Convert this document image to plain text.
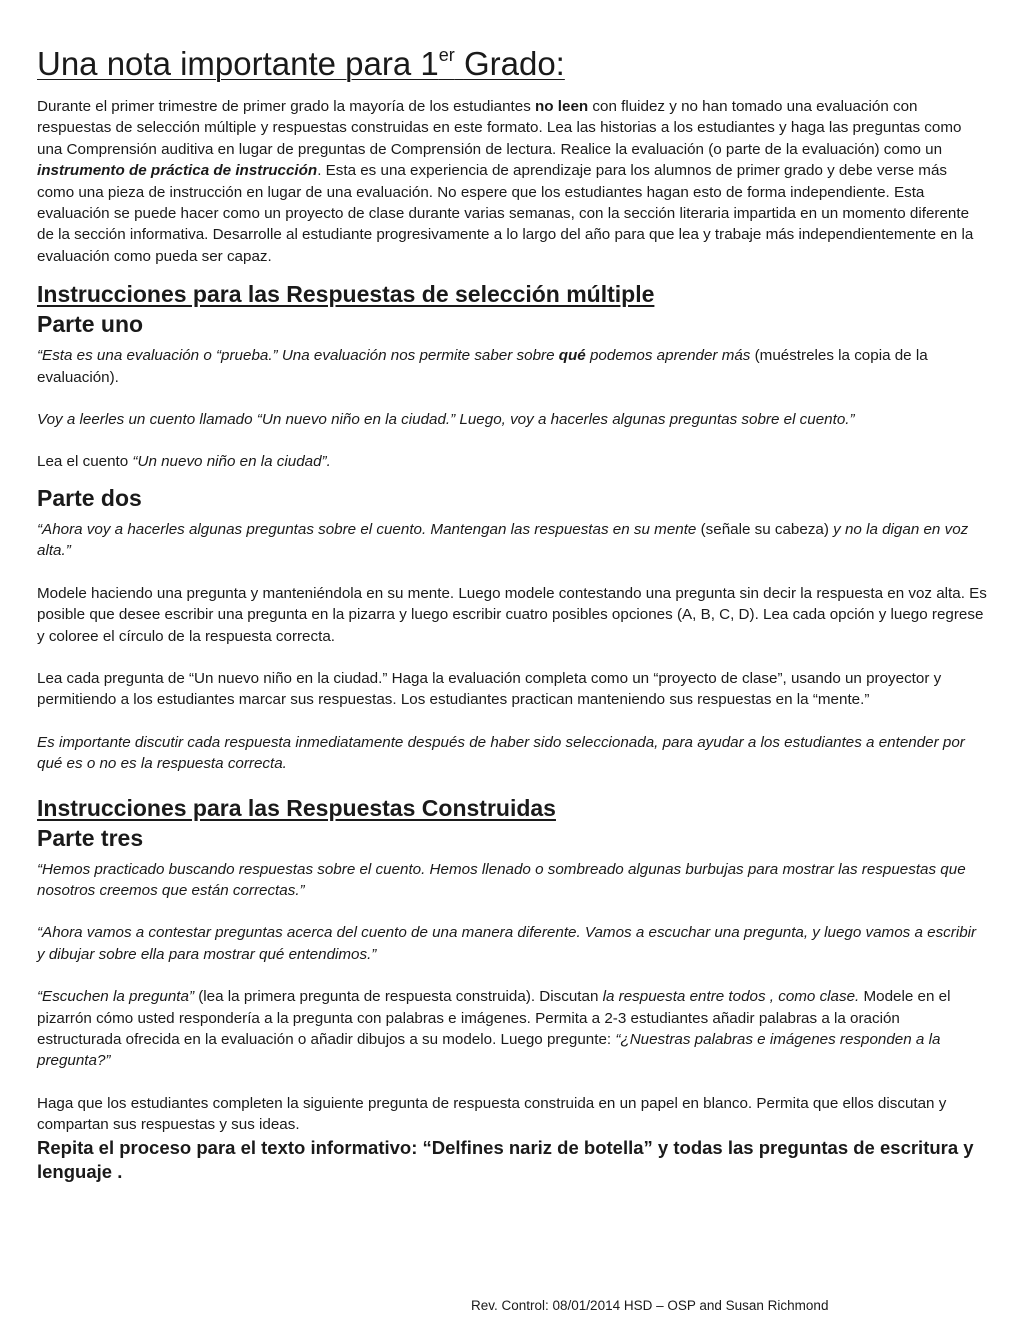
Una nota importante para 1er Grado:

Durante el primer trimestre de primer grado la mayoría de los estudiantes no leen con fluidez y no han tomado una evaluación con respuestas de selección múltiple y respuestas construidas en este formato. Lea las historias a los estudiantes y haga las preguntas como una Comprensión auditiva en lugar de preguntas de Comprensión de lectura. Realice la evaluación (o parte de la evaluación) como un instrumento de práctica de instrucción. Esta es una experiencia de aprendizaje para los alumnos de primer grado y debe verse más como una pieza de instrucción en lugar de una evaluación. No espere que los estudiantes hagan esto de forma independiente. Esta evaluación se puede hacer como un proyecto de clase durante varias semanas, con la sección literaria impartida en un momento diferente de la sección informativa. Desarrolle al estudiante progresivamente a lo largo del año para que lea y trabaje más independientemente en la evaluación como pueda ser capaz.

Instrucciones para las Respuestas de selección múltiple
Parte uno

“Esta es una evaluación o “prueba.” Una evaluación nos permite saber sobre qué podemos aprender más (muéstreles la copia de la evaluación).

Voy a leerles un cuento llamado “Un nuevo niño en la ciudad.” Luego, voy a hacerles algunas preguntas sobre el cuento.”

Lea el cuento “Un nuevo niño en la ciudad”.

Parte dos

“Ahora voy a hacerles algunas preguntas sobre el cuento. Mantengan las respuestas en su mente (señale su cabeza) y no la digan en voz alta.”

Modele haciendo una pregunta y manteniéndola en su mente. Luego modele contestando una pregunta sin decir la respuesta en voz alta. Es posible que desee escribir una pregunta en la pizarra y luego escribir cuatro posibles opciones (A, B, C, D). Lea cada opción y luego regrese y coloree el círculo de la respuesta correcta.

Lea cada pregunta de “Un nuevo niño en la ciudad.” Haga la evaluación completa como un “proyecto de clase”, usando un proyector y permitiendo a los estudiantes marcar sus respuestas. Los estudiantes practican manteniendo sus respuestas en la “mente.”

Es importante discutir cada respuesta inmediatamente después de haber sido seleccionada, para ayudar a los estudiantes a entender por qué es o no es la respuesta correcta.

Instrucciones para las Respuestas Construidas
Parte tres

“Hemos practicado buscando respuestas sobre el cuento. Hemos llenado o sombreado algunas burbujas para mostrar las respuestas que nosotros creemos que están correctas.”

“Ahora vamos a contestar preguntas acerca del cuento de una manera diferente. Vamos a escuchar una pregunta, y luego vamos a escribir y dibujar sobre ella para mostrar qué entendimos.”

“Escuchen la pregunta” (lea la primera pregunta de respuesta construida). Discutan la respuesta entre todos , como clase. Modele en el pizarrón cómo usted respondería a la pregunta con palabras e imágenes. Permita a 2-3 estudiantes añadir palabras a la oración estructurada ofrecida en la evaluación o añadir dibujos a su modelo. Luego pregunte: “¿Nuestras palabras e imágenes responden a la pregunta?”

Haga que los estudiantes completen la siguiente pregunta de respuesta construida en un papel en blanco. Permita que ellos discutan y compartan sus respuestas y sus ideas.

Repita el proceso para el texto informativo: “Delfines nariz de botella” y todas las preguntas de escritura y lenguaje .

Rev. Control: 08/01/2014 HSD – OSP and Susan Richmond
